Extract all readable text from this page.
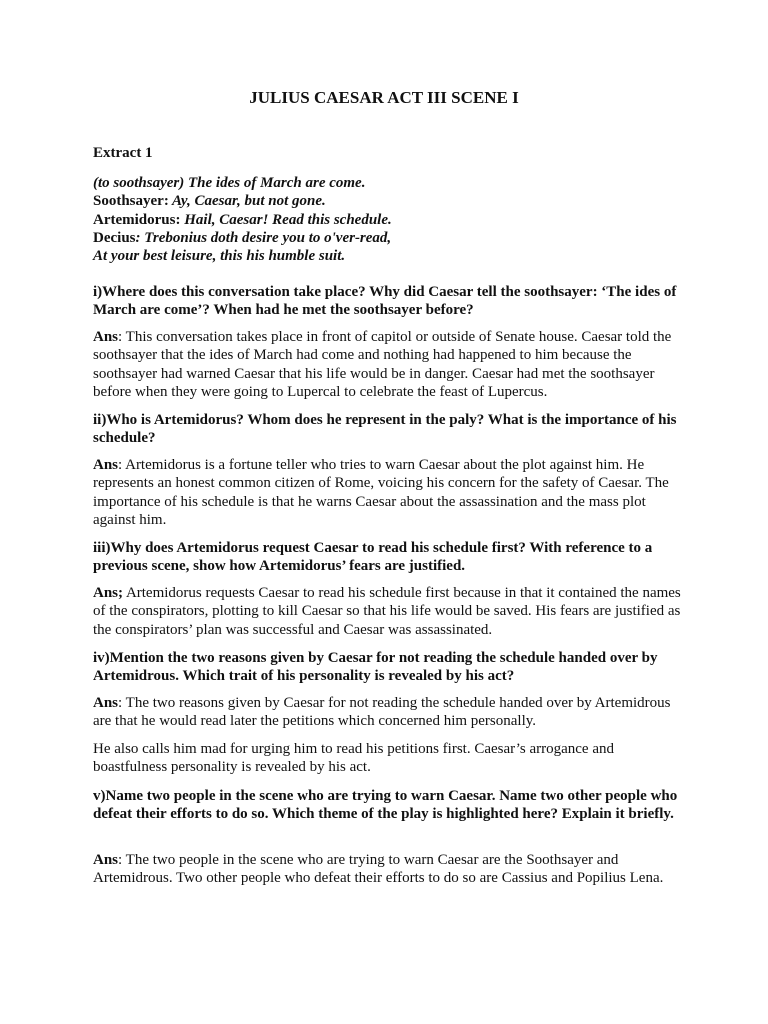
JULIUS CAESAR ACT III SCENE I
Extract 1
(to soothsayer) The ides of March are come.
Soothsayer: Ay, Caesar, but not gone.
Artemidorus: Hail, Caesar! Read this schedule.
Decius: Trebonius doth desire you to o'ver-read,
At your best leisure, this his humble suit.

i)Where does this conversation take place? Why did Caesar tell the soothsayer: ‘The ides of March are come’? When had he met the soothsayer before?

Ans: This conversation takes place in front of capitol or outside of Senate house. Caesar told the soothsayer that the ides of March had come and nothing had happened to him because the soothsayer had warned Caesar that his life would be in danger. Caesar had met the soothsayer before when they were going to Lupercal to celebrate the feast of Lupercus.

ii)Who is Artemidorus? Whom does he represent in the paly? What is the importance of his schedule?

Ans: Artemidorus is a fortune teller who tries to warn Caesar about the plot against him. He represents an honest common citizen of Rome, voicing his concern for the safety of Caesar. The importance of his schedule is that he warns Caesar about the assassination and the mass plot against him.

iii)Why does Artemidorus request Caesar to read his schedule first? With reference to a previous scene, show how Artemidorus’ fears are justified.

Ans; Artemidorus requests Caesar to read his schedule first because in that it contained the names of the conspirators, plotting to kill Caesar so that his life would be saved. His fears are justified as the conspirators’ plan was successful and Caesar was assassinated.

iv)Mention the two reasons given by Caesar for not reading the schedule handed over by Artemidrous. Which trait of his personality is revealed by his act?

Ans: The two reasons given by Caesar for not reading the schedule handed over by Artemidrous are that he would read later the petitions which concerned him personally.

He also calls him mad for urging him to read his petitions first. Caesar’s arrogance and boastfulness personality is revealed by his act.

v)Name two people in the scene who are trying to warn Caesar. Name two other people who defeat their efforts to do so. Which theme of the play is highlighted here? Explain it briefly.

Ans: The two people in the scene who are trying to warn Caesar are the Soothsayer and Artemidrous. Two other people who defeat their efforts to do so are Cassius and Popilius Lena.
